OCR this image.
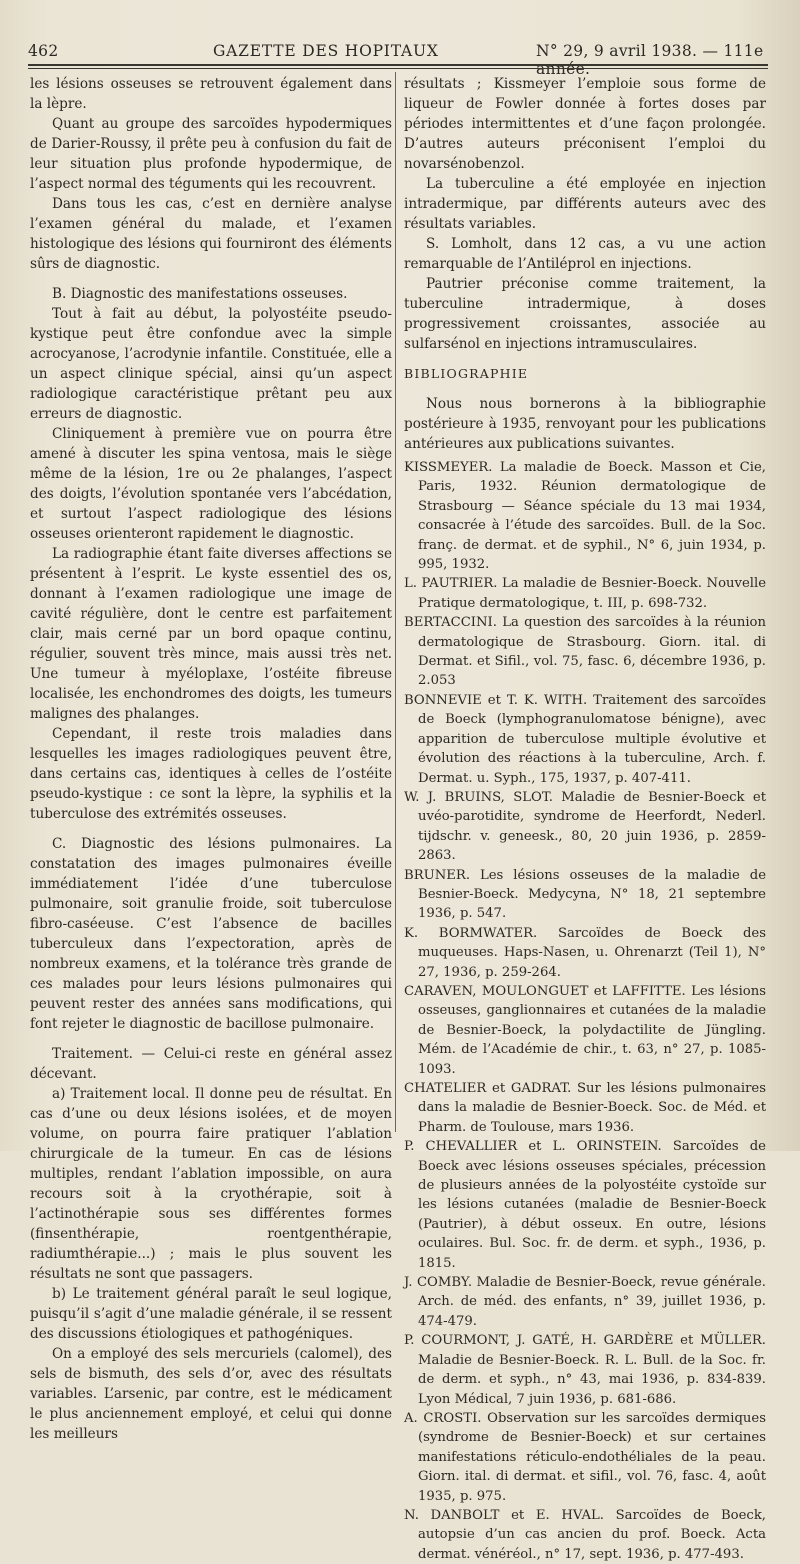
462	GAZETTE DES HOPITAUX	N° 29, 9 avril 1938. — 111e année.

les lésions osseuses se retrouvent également dans la lèpre.

Quant au groupe des sarcoïdes hypodermiques de Darier-Roussy, il prête peu à confusion du fait de leur situation plus profonde hypodermique, de l’aspect normal des téguments qui les recouvrent.

Dans tous les cas, c’est en dernière analyse l’examen général du malade, et l’examen histologique des lésions qui fourniront des éléments sûrs de diagnostic.

B. Diagnostic des manifestations osseuses.

Tout à fait au début, la polyostéite pseudo-kystique peut être confondue avec la simple acrocyanose, l’acrodynie infantile. Constituée, elle a un aspect clinique spécial, ainsi qu’un aspect radiologique caractéristique prêtant peu aux erreurs de diagnostic.

Cliniquement à première vue on pourra être amené à discuter les spina ventosa, mais le siège même de la lésion, 1re ou 2e phalanges, l’aspect des doigts, l’évolution spontanée vers l’abcédation, et surtout l’aspect radiologique des lésions osseuses orienteront rapidement le diagnostic.

La radiographie étant faite diverses affections se présentent à l’esprit. Le kyste essentiel des os, donnant à l’examen radiologique une image de cavité régulière, dont le centre est parfaitement clair, mais cerné par un bord opaque continu, régulier, souvent très mince, mais aussi très net. Une tumeur à myéloplaxe, l’ostéite fibreuse localisée, les enchondromes des doigts, les tumeurs malignes des phalanges.

Cependant, il reste trois maladies dans lesquelles les images radiologiques peuvent être, dans certains cas, identiques à celles de l’ostéite pseudo-kystique : ce sont la lèpre, la syphilis et la tuberculose des extrémités osseuses.

C. Diagnostic des lésions pulmonaires. La constatation des images pulmonaires éveille immédiatement l’idée d’une tuberculose pulmonaire, soit granulie froide, soit tuberculose fibro-caséeuse. C’est l’absence de bacilles tuberculeux dans l’expectoration, après de nombreux examens, et la tolérance très grande de ces malades pour leurs lésions pulmonaires qui peuvent rester des années sans modifications, qui font rejeter le diagnostic de bacillose pulmonaire.

Traitement. — Celui-ci reste en général assez décevant.

a) Traitement local. Il donne peu de résultat. En cas d’une ou deux lésions isolées, et de moyen volume, on pourra faire pratiquer l’ablation chirurgicale de la tumeur. En cas de lésions multiples, rendant l’ablation impossible, on aura recours soit à la cryothérapie, soit à l’actinothérapie sous ses différentes formes (finsenthérapie, roentgenthérapie, radiumthérapie...) ; mais le plus souvent les résultats ne sont que passagers.

b) Le traitement général paraît le seul logique, puisqu’il s’agit d’une maladie générale, il se ressent des discussions étiologiques et pathogéniques.

On a employé des sels mercuriels (calomel), des sels de bismuth, des sels d’or, avec des résultats variables. L’arsenic, par contre, est le médicament le plus anciennement employé, et celui qui donne les meilleurs

résultats ; Kissmeyer l’emploie sous forme de liqueur de Fowler donnée à fortes doses par périodes intermittentes et d’une façon prolongée. D’autres auteurs préconisent l’emploi du novarsénobenzol.

La tuberculine a été employée en injection intradermique, par différents auteurs avec des résultats variables.

S. Lomholt, dans 12 cas, a vu une action remarquable de l’Antiléprol en injections.

Pautrier préconise comme traitement, la tuberculine intradermique, à doses progressivement croissantes, associée au sulfarsénol en injections intramusculaires.

BIBLIOGRAPHIE

Nous nous bornerons à la bibliographie postérieure à 1935, renvoyant pour les publications antérieures aux publications suivantes.

KISSMEYER. La maladie de Boeck. Masson et Cie, Paris, 1932. Réunion dermatologique de Strasbourg — Séance spéciale du 13 mai 1934, consacrée à l’étude des sarcoïdes. Bull. de la Soc. franç. de dermat. et de syphil., N° 6, juin 1934, p. 995, 1932.

L. PAUTRIER. La maladie de Besnier-Boeck. Nouvelle Pratique dermatologique, t. III, p. 698-732.

BERTACCINI. La question des sarcoïdes à la réunion dermatologique de Strasbourg. Giorn. ital. di Dermat. et Sifil., vol. 75, fasc. 6, décembre 1936, p. 2.053

BONNEVIE et T. K. WITH. Traitement des sarcoïdes de Boeck (lymphogranulomatose bénigne), avec apparition de tuberculose multiple évolutive et évolution des réactions à la tuberculine, Arch. f. Dermat. u. Syph., 175, 1937, p. 407-411.

W. J. BRUINS, SLOT. Maladie de Besnier-Boeck et uvéo-parotidite, syndrome de Heerfordt, Nederl. tijdschr. v. geneesk., 80, 20 juin 1936, p. 2859-2863.

BRUNER. Les lésions osseuses de la maladie de Besnier-Boeck. Medycyna, N° 18, 21 septembre 1936, p. 547.

K. BORMWATER. Sarcoïdes de Boeck des muqueuses. Haps-Nasen, u. Ohrenarzt (Teil 1), N° 27, 1936, p. 259-264.

CARAVEN, MOULONGUET et LAFFITTE. Les lésions osseuses, ganglionnaires et cutanées de la maladie de Besnier-Boeck, la polydactilite de Jüngling. Mém. de l’Académie de chir., t. 63, n° 27, p. 1085-1093.

CHATELIER et GADRAT. Sur les lésions pulmonaires dans la maladie de Besnier-Boeck. Soc. de Méd. et Pharm. de Toulouse, mars 1936.

P. CHEVALLIER et L. ORINSTEIN. Sarcoïdes de Boeck avec lésions osseuses spéciales, précession de plusieurs années de la polyostéite cystoïde sur les lésions cutanées (maladie de Besnier-Boeck (Pautrier), à début osseux. En outre, lésions oculaires. Bul. Soc. fr. de derm. et syph., 1936, p. 1815.

J. COMBY. Maladie de Besnier-Boeck, revue générale. Arch. de méd. des enfants, n° 39, juillet 1936, p. 474-479.

P. COURMONT, J. GATÉ, H. GARDÈRE et MÜLLER. Maladie de Besnier-Boeck. R. L. Bull. de la Soc. fr. de derm. et syph., n° 43, mai 1936, p. 834-839. Lyon Médical, 7 juin 1936, p. 681-686.

A. CROSTI. Observation sur les sarcoïdes dermiques (syndrome de Besnier-Boeck) et sur certaines manifestations réticulo-endothéliales de la peau. Giorn. ital. di dermat. et sifil., vol. 76, fasc. 4, août 1935, p. 975.

N. DANBOLT et E. HVAL. Sarcoïdes de Boeck, autopsie d’un cas ancien du prof. Boeck. Acta dermat. vénéréol., n° 17, sept. 1936, p. 477-493.
